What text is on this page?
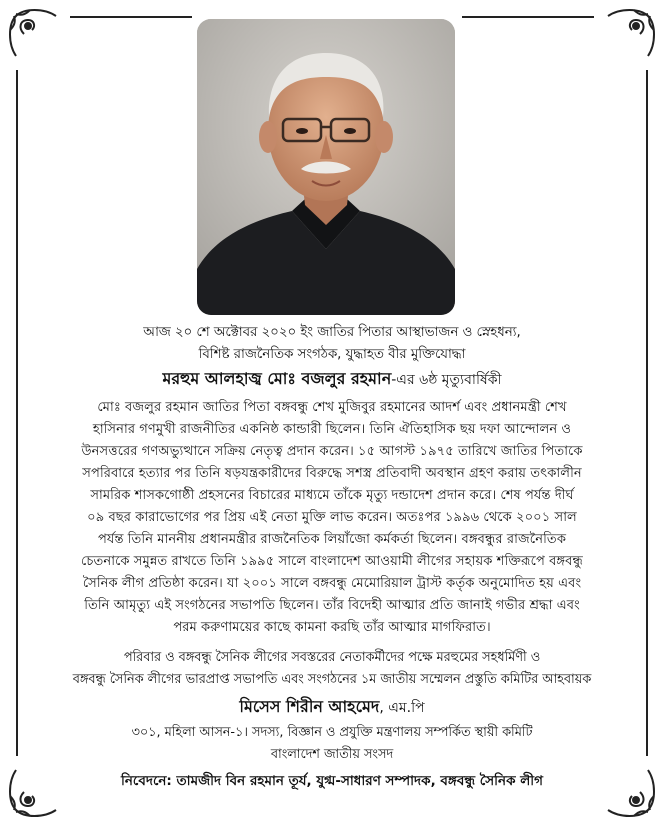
আজ ২০ শে অক্টোবর ২০২০ ইং জাতির পিতার আস্থাভাজন ও স্নেহধন্য,
বিশিষ্ট রাজনৈতিক সংগঠক, যুদ্ধাহত বীর মুক্তিযোদ্ধা
মরহুম আলহাজ্ব মোঃ বজলুর রহমান-এর ৬ষ্ঠ মৃত্যুবার্ষিকী
মোঃ বজলুর রহমান জাতির পিতা বঙ্গবন্ধু শেখ মুজিবুর রহমানের আদর্শ এবং প্রধানমন্ত্রী শেখ
হাসিনার গণমুখী রাজনীতির একনিষ্ঠ কান্ডারী ছিলেন। তিনি ঐতিহাসিক ছয় দফা আন্দোলন ও
উনসত্তরের গণঅভ্যুত্থানে সক্রিয় নেতৃত্ব প্রদান করেন। ১৫ আগস্ট ১৯৭৫ তারিখে জাতির পিতাকে
সপরিবারে হত্যার পর তিনি ষড়যন্ত্রকারীদের বিরুদ্ধে সশস্ত্র প্রতিবাদী অবস্থান গ্রহণ করায় তৎকালীন
সামরিক শাসকগোষ্ঠী প্রহসনের বিচারের মাধ্যমে তাঁকে মৃত্যু দন্ডাদেশ প্রদান করে। শেষ পর্যন্ত দীর্ঘ
০৯ বছর কারাভোগের পর প্রিয় এই নেতা মুক্তি লাভ করেন। অতঃপর ১৯৯৬ থেকে ২০০১ সাল
পর্যন্ত তিনি মাননীয় প্রধানমন্ত্রীর রাজনৈতিক লিয়াঁজো কর্মকর্তা ছিলেন। বঙ্গবন্ধুর রাজনৈতিক
চেতনাকে সমুন্নত রাখতে তিনি ১৯৯৫ সালে বাংলাদেশ আওয়ামী লীগের সহায়ক শক্তিরূপে বঙ্গবন্ধু
সৈনিক লীগ প্রতিষ্ঠা করেন। যা ২০০১ সালে বঙ্গবন্ধু মেমোরিয়াল ট্রাস্ট কর্তৃক অনুমোদিত হয় এবং
তিনি আমৃত্যু এই সংগঠনের সভাপতি ছিলেন। তাঁর বিদেহী আত্মার প্রতি জানাই গভীর শ্রদ্ধা এবং
পরম করুণাময়ের কাছে কামনা করছি তাঁর আত্মার মাগফিরাত।
পরিবার ও বঙ্গবন্ধু সৈনিক লীগের সবস্তরের নেতাকর্মীদের পক্ষে মরহুমের সহধর্মিণী ও
বঙ্গবন্ধু সৈনিক লীগের ভারপ্রাপ্ত সভাপতি এবং সংগঠনের ১ম জাতীয় সম্মেলন প্রস্তুতি কমিটির আহবায়ক
মিসেস শিরীন আহমেদ, এম.পি
৩০১, মহিলা আসন-১। সদস্য, বিজ্ঞান ও প্রযুক্তি মন্ত্রণালয় সম্পর্কিত স্থায়ী কমিটি
বাংলাদেশ জাতীয় সংসদ
নিবেদনে: তামজীদ বিন রহমান তূর্য, যুগ্ম-সাধারণ সম্পাদক, বঙ্গবন্ধু সৈনিক লীগ
